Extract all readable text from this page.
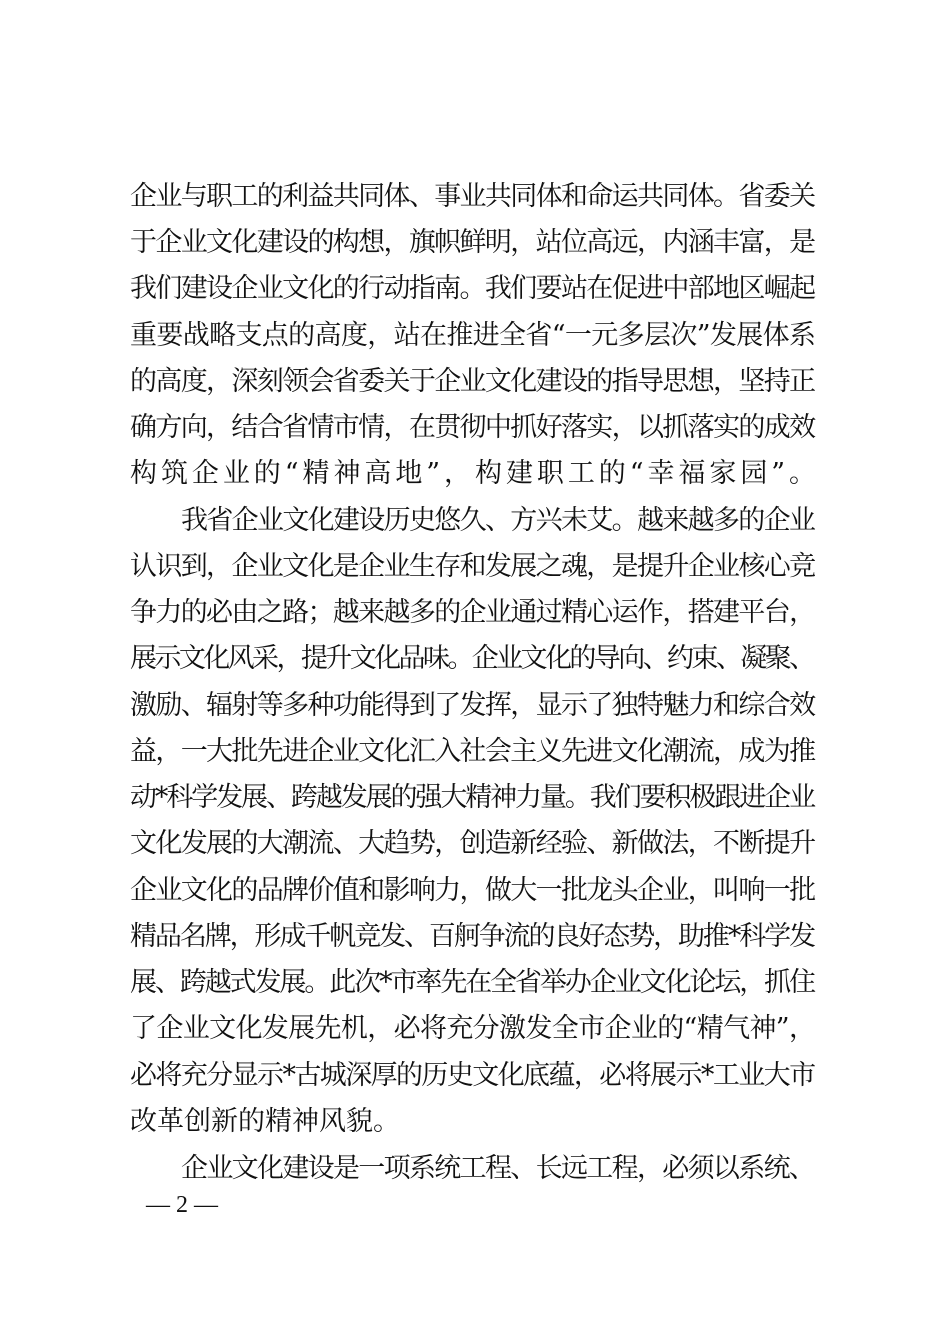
企业与职工的利益共同体、事业共同体和命运共同体。省委关
于企业文化建设的构想，旗帜鲜明，站位高远，内涵丰富，是
我们建设企业文化的行动指南。我们要站在促进中部地区崛起
重要战略支点的高度，站在推进全省“一元多层次”发展体系
的高度，深刻领会省委关于企业文化建设的指导思想，坚持正
确方向，结合省情市情，在贯彻中抓好落实，以抓落实的成效
构筑企业的“精神高地”，构建职工的“幸福家园”。
我省企业文化建设历史悠久、方兴未艾。越来越多的企业
认识到，企业文化是企业生存和发展之魂，是提升企业核心竞
争力的必由之路；越来越多的企业通过精心运作，搭建平台，
展示文化风采，提升文化品味。企业文化的导向、约束、凝聚、
激励、辐射等多种功能得到了发挥，显示了独特魅力和综合效
益，一大批先进企业文化汇入社会主义先进文化潮流，成为推
动*科学发展、跨越发展的强大精神力量。我们要积极跟进企业
文化发展的大潮流、大趋势，创造新经验、新做法，不断提升
企业文化的品牌价值和影响力，做大一批龙头企业，叫响一批
精品名牌，形成千帆竞发、百舸争流的良好态势，助推*科学发
展、跨越式发展。此次*市率先在全省举办企业文化论坛，抓住
了企业文化发展先机，必将充分激发全市企业的“精气神”，
必将充分显示*古城深厚的历史文化底蕴，必将展示*工业大市
改革创新的精神风貌。
企业文化建设是一项系统工程、长远工程，必须以系统、
— 2 —
